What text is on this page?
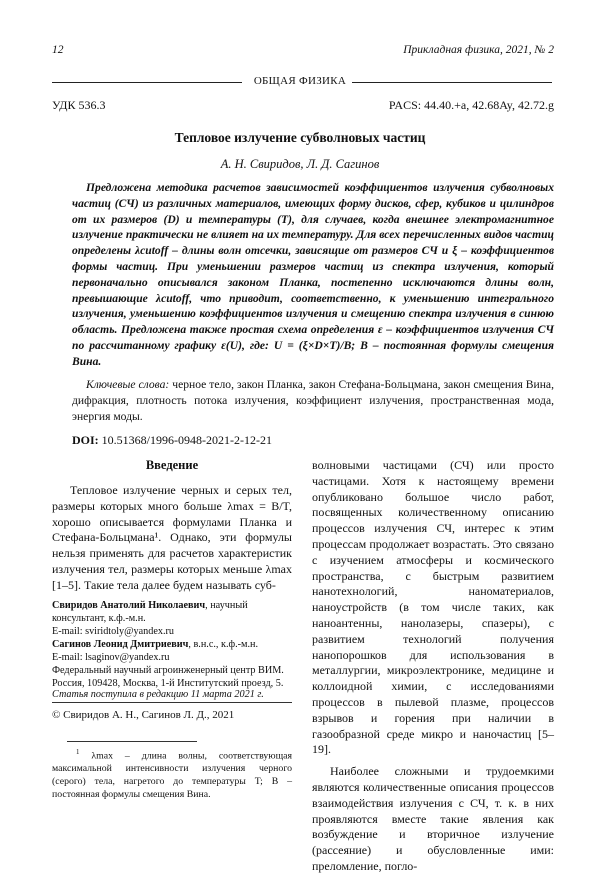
12	Прикладная физика, 2021, № 2
ОБЩАЯ ФИЗИКА
УДК 536.3	PACS: 44.40.+a, 42.68Ay, 42.72.g
Тепловое излучение субволновых частиц
А. Н. Свиридов, Л. Д. Сагинов

Предложена методика расчетов зависимостей коэффициентов излучения субволновых частиц (СЧ) из различных материалов, имеющих форму дисков, сфер, кубиков и цилиндров от их размеров (D) и температуры (T), для случаев, когда внешнее электромагнитное излучение практически не влияет на их температуру. Для всех перечисленных видов частиц определены λcutoff – длины волн отсечки, зависящие от размеров СЧ и ξ – коэффициентов формы частиц. При уменьшении размеров частиц из спектра излучения, который первоначально описывался законом Планка, постепенно исключаются длины волн, превышающие λcutoff, что приводит, соответственно, к уменьшению интегрального излучения, уменьшению коэффициентов излучения и смещению спектра излучения в синюю область. Предложена также простая схема определения ε – коэффициентов излучения СЧ по рассчитанному графику ε(U), где: U = (ξ×D×T)/B; B – постоянная формулы смещения Вина.

Ключевые слова: черное тело, закон Планка, закон Стефана-Больцмана, закон смещения Вина, дифракция, плотность потока излучения, коэффициент излучения, пространственная мода, энергия моды.

DOI: 10.51368/1996-0948-2021-2-12-21
Введение

Тепловое излучение черных и серых тел, размеры которых много больше λmax = B/T, хорошо описывается формулами Планка и Стефана-Больцмана¹. Однако, эти формулы нельзя применять для расчетов характеристик излучения тел, размеры которых меньше λmax [1–5]. Такие тела далее будем называть суб-

волновыми частицами (СЧ) или просто частицами. Хотя к настоящему времени опубликовано большое число работ, посвященных количественному описанию процессов излучения СЧ, интерес к этим процессам продолжает возрастать. Это связано с изучением атмосферы и космического пространства, с быстрым развитием нанотехнологий, наноматериалов, наноустройств (в том числе таких, как наноантенны, нанолазеры, спазеры), с развитием технологий получения нанопорошков для использования в металлургии, микроэлектронике, медицине и коллоидной химии, с исследованиями процессов в пылевой плазме, процессов взрывов и горения при наличии в газообразной среде микро и наночастиц [5–19].

Наиболее сложными и трудоемкими являются количественные описания процессов взаимодействия излучения с СЧ, т. к. в них проявляются вместе такие явления как возбуждение и вторичное излучение (рассеяние) и обусловленные ими: преломление, погло-

Свиридов Анатолий Николаевич, научный консультант, к.ф.-м.н.
E-mail: sviridtoly@yandex.ru
Сагинов Леонид Дмитриевич, в.н.с., к.ф.-м.н.
E-mail: lsaginov@yandex.ru
Федеральный научный агроинженерный центр ВИМ.
Россия, 109428, Москва, 1-й Институтский проезд, 5.
Статья поступила в редакцию 11 марта 2021 г.
© Свиридов А. Н., Сагинов Л. Д., 2021

$^1$ λmax – длина волны, соответствующая максимальной интенсивности излучения черного (серого) тела, нагретого до температуры T; B – постоянная формулы смещения Вина.
